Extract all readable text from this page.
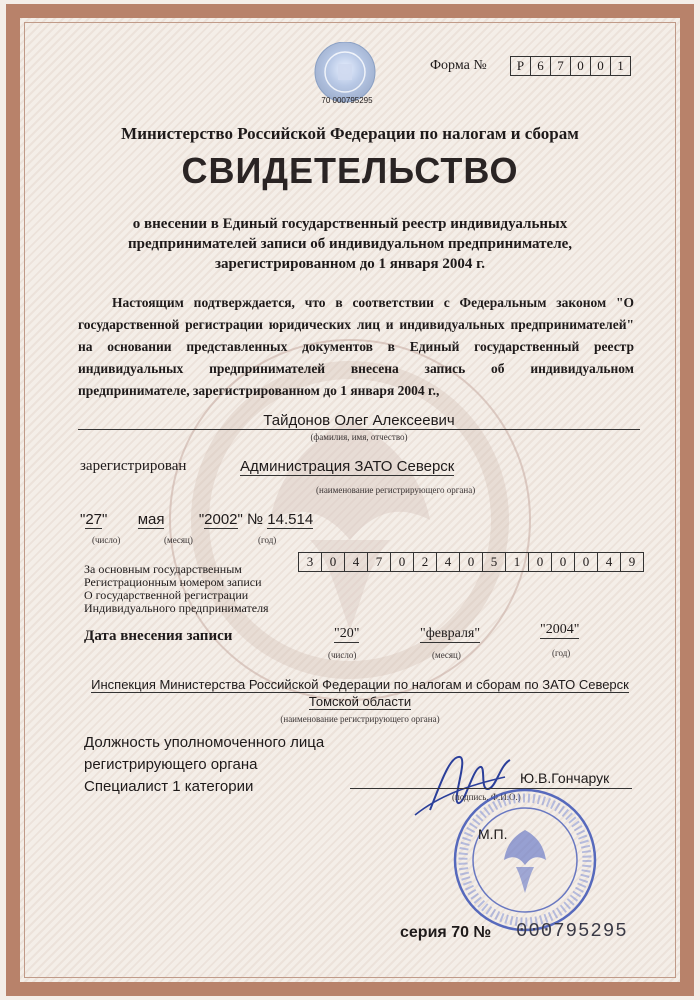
70 000795295
Форма №	Р	6	7	0	0	1
Министерство Российской Федерации по налогам и сборам
СВИДЕТЕЛЬСТВО
о внесении в Единый государственный реестр индивидуальных
предпринимателей записи об индивидуальном предпринимателе,
зарегистрированном до 1 января 2004 г.
Настоящим подтверждается, что в соответствии с Федеральным законом "О государственной регистрации юридических лиц и индивидуальных предпринимателей" на основании представленных документов в Единый государственный реестр индивидуальных предпринимателей внесена запись об индивидуальном предпринимателе, зарегистрированном до 1 января 2004 г.,
Тайдонов Олег Алексеевич
(фамилия, имя, отчество)
зарегистрирован	Администрация ЗАТО Северск
(наименование регистрирующего органа)
"27" мая "2002" № 14.514
(число)	(месяц)	(год)
За основным государственным
Регистрационным номером записи
О государственной регистрации
Индивидуального предпринимателя
3	0	4	7	0	2	4	0	5	1	0	0	0	4	9
Дата внесения записи	"20"	"февраля"	"2004"
(число)	(месяц)	(год)
Инспекция Министерства Российской Федерации по налогам и сборам по ЗАТО Северск
Томской области
(наименование регистрирующего органа)
Должность уполномоченного лица
регистрирующего органа
Специалист 1 категории	Ю.В.Гончарук
(подпись, Ф.И.О.)
М.П.
серия 70 № 000795295
